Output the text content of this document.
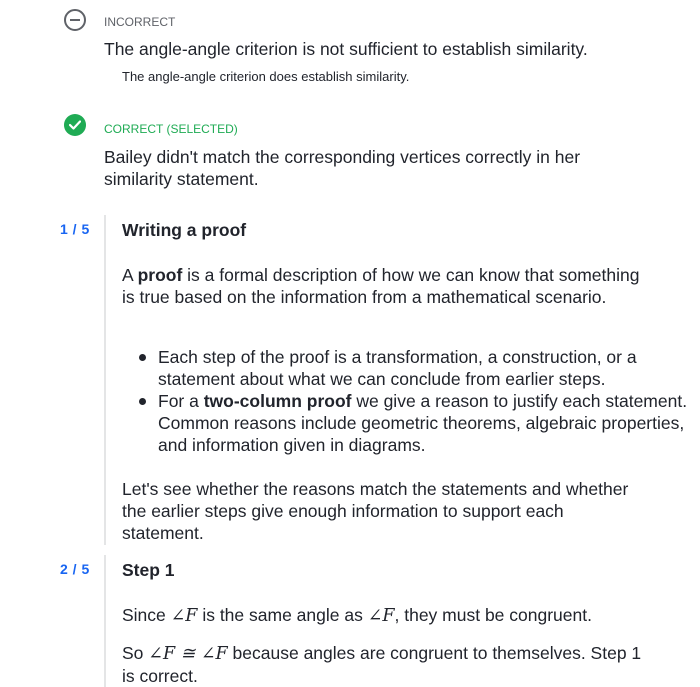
INCORRECT
The angle-angle criterion is not sufficient to establish similarity.
The angle-angle criterion does establish similarity.
CORRECT (SELECTED)
Bailey didn't match the corresponding vertices correctly in her similarity statement.
1 / 5 Writing a proof
A proof is a formal description of how we can know that something is true based on the information from a mathematical scenario.
Each step of the proof is a transformation, a construction, or a statement about what we can conclude from earlier steps.
For a two-column proof we give a reason to justify each statement. Common reasons include geometric theorems, algebraic properties, and information given in diagrams.
Let's see whether the reasons match the statements and whether the earlier steps give enough information to support each statement.
2 / 5 Step 1
Since ∠F is the same angle as ∠F, they must be congruent.
So ∠F ≅ ∠F because angles are congruent to themselves. Step 1 is correct.
